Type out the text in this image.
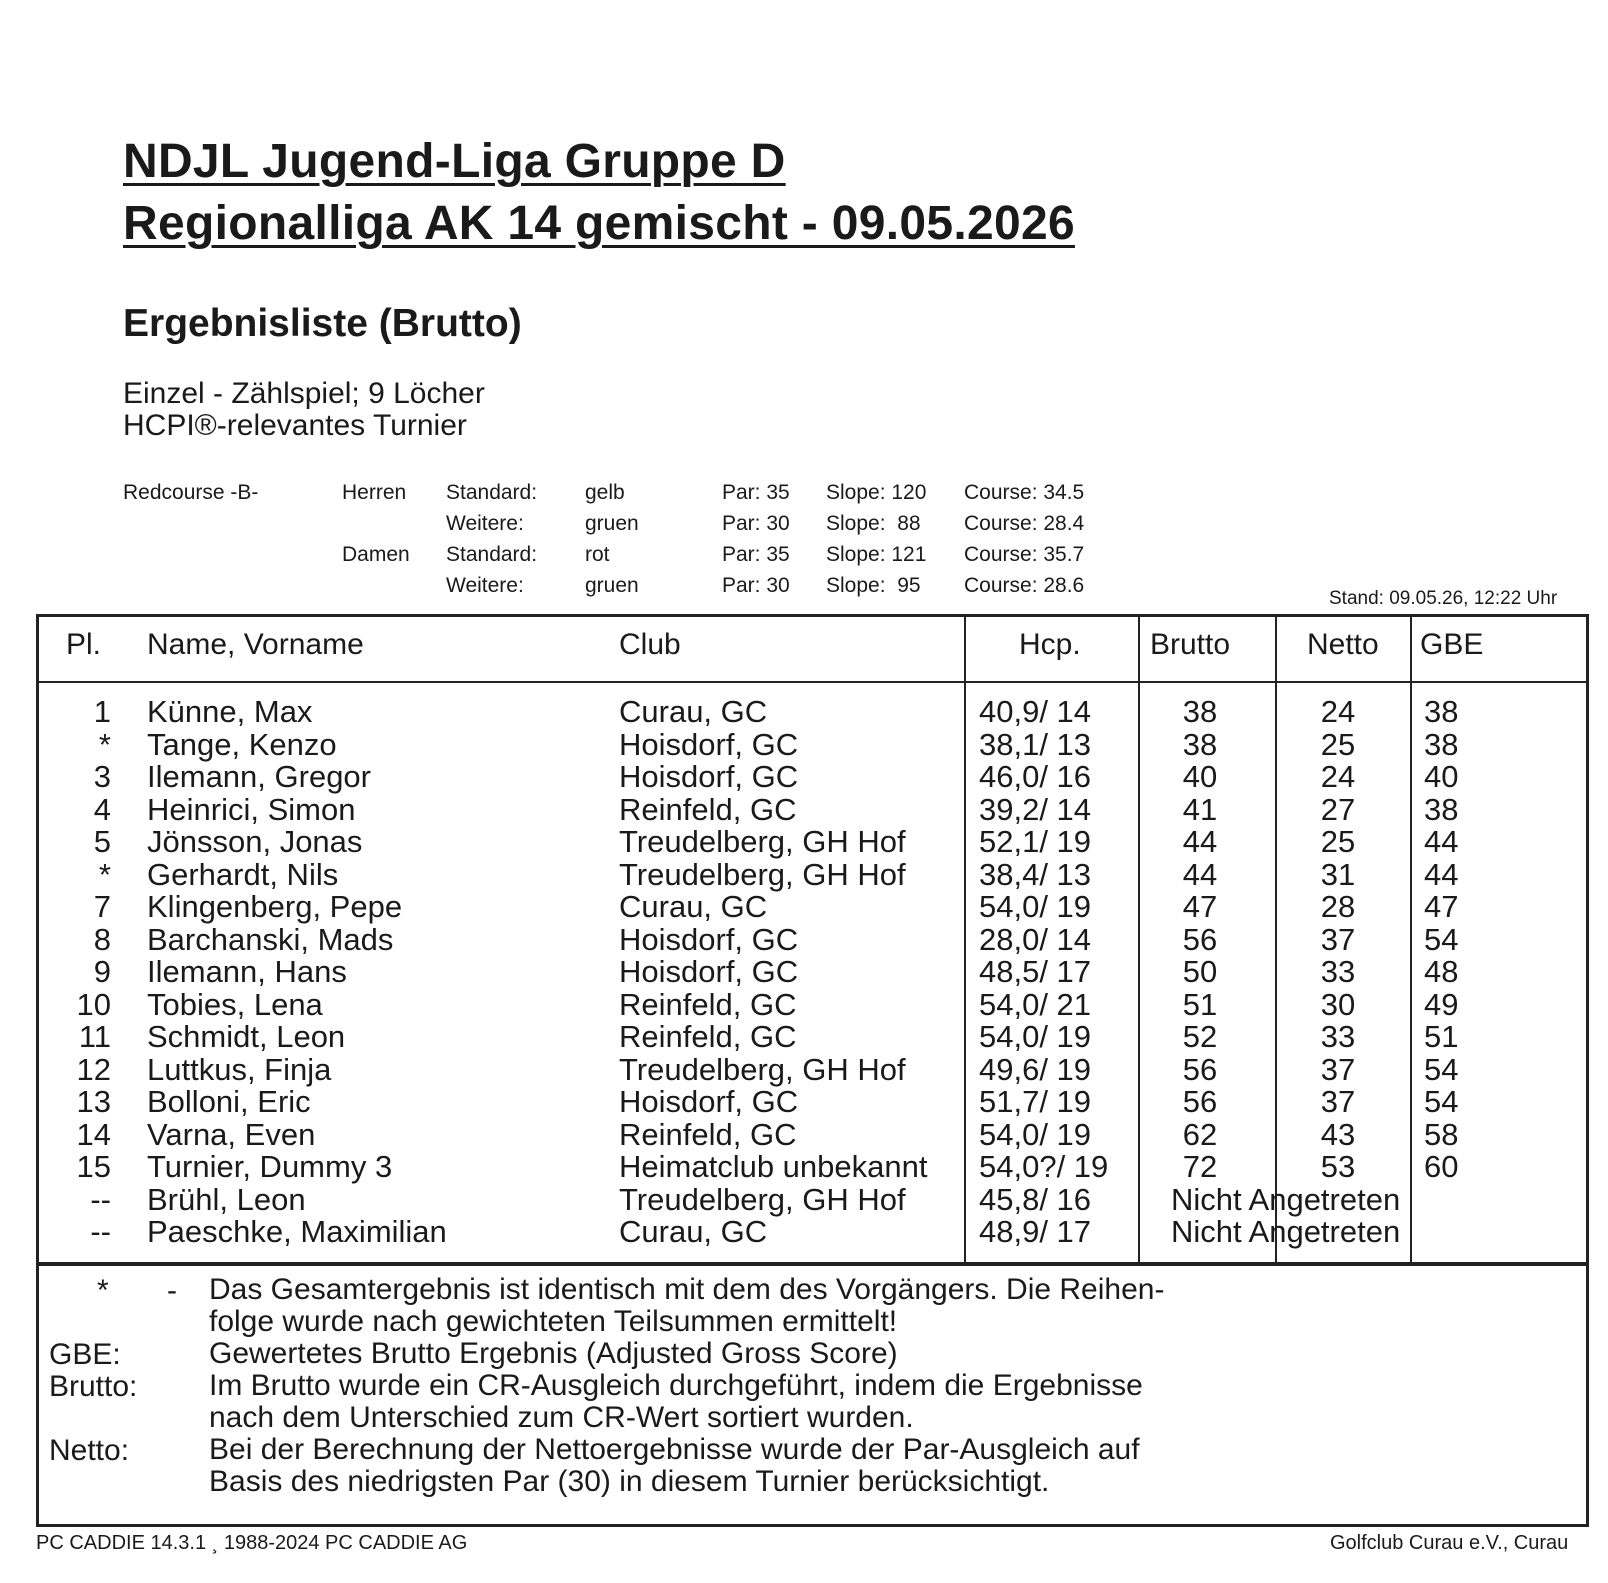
NDJL Jugend-Liga Gruppe D
Regionalliga AK 14 gemischt - 09.05.2026
Ergebnisliste (Brutto)
Einzel - Zählspiel; 9 Löcher
HCPI®-relevantes Turnier
Redcourse -B-	Herren Standard: gelb	Par: 35 Slope: 120 Course: 34.5
Weitere:	gruen	Par: 30 Slope:  88 Course: 28.4
Damen Standard: rot	Par: 35 Slope: 121 Course: 35.7
Weitere:	gruen	Par: 30 Slope:  95 Course: 28.6
Stand: 09.05.26, 12:22 Uhr
Pl. Name, Vorname	Club	Hcp. Brutto	Netto GBE
1 Künne, Max	Curau, GC	40,9/ 14	38	24	38
* Tange, Kenzo	Hoisdorf, GC	38,1/ 13	38	25	38
3 Ilemann, Gregor	Hoisdorf, GC	46,0/ 16	40	24	40
4 Heinrici, Simon	Reinfeld, GC	39,2/ 14	41	27	38
5 Jönsson, Jonas	Treudelberg, GH Hof 52,1/ 19	44	25	44
* Gerhardt, Nils	Treudelberg, GH Hof 38,4/ 13	44	31	44
7 Klingenberg, Pepe	Curau, GC	54,0/ 19	47	28	47
8 Barchanski, Mads	Hoisdorf, GC	28,0/ 14	56	37	54
9 Ilemann, Hans	Hoisdorf, GC	48,5/ 17	50	33	48
10 Tobies, Lena	Reinfeld, GC	54,0/ 21	51	30	49
11 Schmidt, Leon	Reinfeld, GC	54,0/ 19	52	33	51
12 Luttkus, Finja	Treudelberg, GH Hof 49,6/ 19	56	37	54
13 Bolloni, Eric	Hoisdorf, GC	51,7/ 19	56	37	54
14 Varna, Even	Reinfeld, GC	54,0/ 19	62	43	58
15 Turnier, Dummy 3	Heimatclub unbekannt 54,0?/ 19	72	53	60
-- Brühl, Leon	Treudelberg, GH Hof 45,8/ 16	Nicht Angetreten
-- Paeschke, Maximilian	Curau, GC	48,9/ 17	Nicht Angetreten
* - Das Gesamtergebnis ist identisch mit dem des Vorgängers. Die Reihen-
folge wurde nach gewichteten Teilsummen ermittelt!
GBE:	Gewertetes Brutto Ergebnis (Adjusted Gross Score)
Brutto: Im Brutto wurde ein CR-Ausgleich durchgeführt, indem die Ergebnisse
nach dem Unterschied zum CR-Wert sortiert wurden.
Netto:	Bei der Berechnung der Nettoergebnisse wurde der Par-Ausgleich auf
Basis des niedrigsten Par (30) in diesem Turnier berücksichtigt.
PC CADDIE 14.3.1 ¸ 1988-2024 PC CADDIE AG	Golfclub Curau e.V., Curau
